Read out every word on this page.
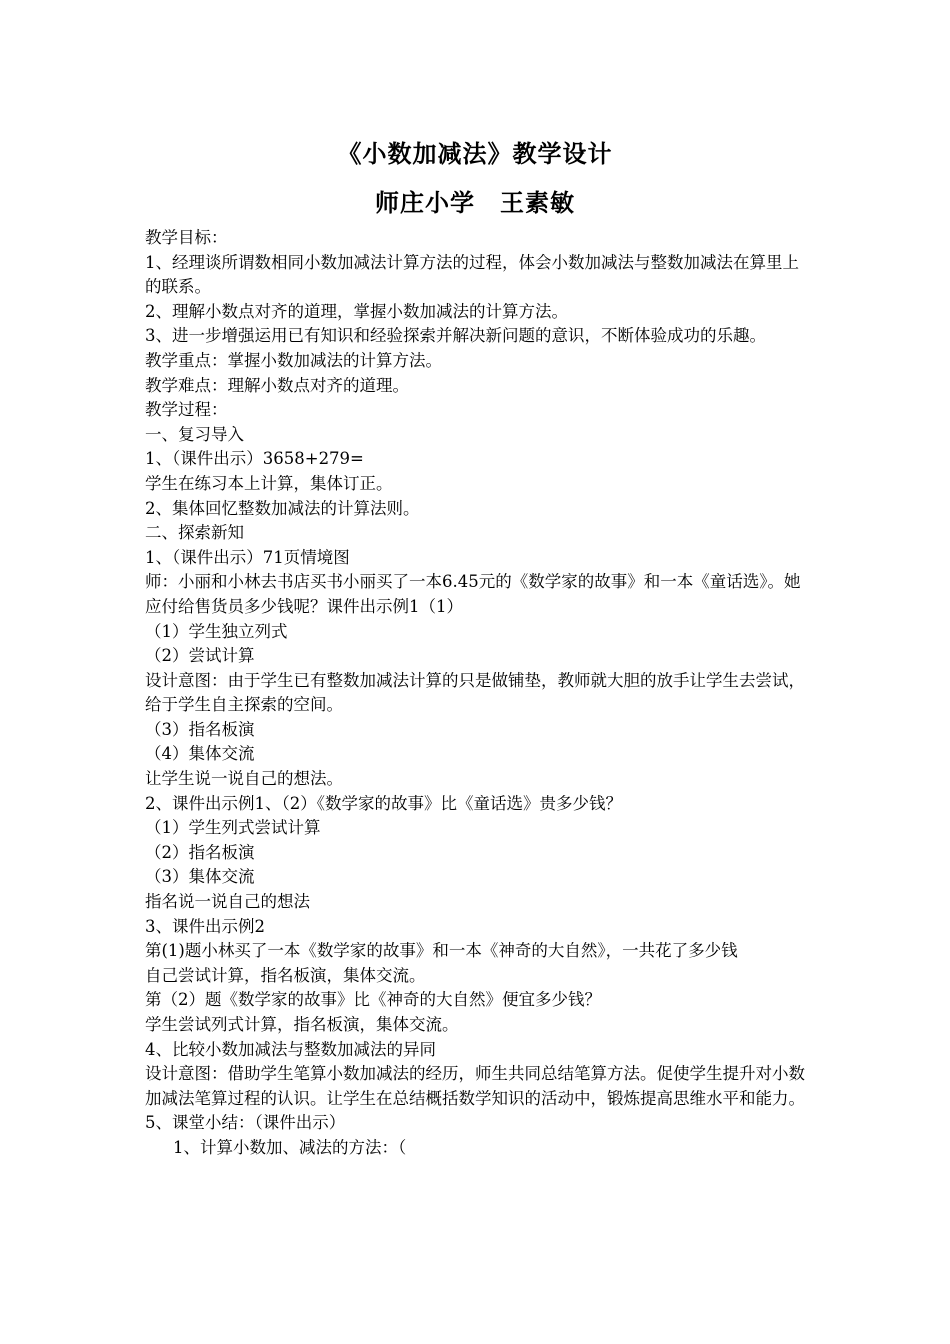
《小数加减法》教学设计
师庄小学　王素敏

教学目标：

1、经理谈所谓数相同小数加减法计算方法的过程，体会小数加减法与整数加减法在算里上的联系。

2、理解小数点对齐的道理，掌握小数加减法的计算方法。

3、进一步增强运用已有知识和经验探索并解决新问题的意识，不断体验成功的乐趣。

教学重点：掌握小数加减法的计算方法。

教学难点：理解小数点对齐的道理。

教学过程：

一、复习导入

1、（课件出示）3658+279=

学生在练习本上计算，集体订正。

2、集体回忆整数加减法的计算法则。

二、探索新知

1、（课件出示）71页情境图

师：小丽和小林去书店买书小丽买了一本6.45元的《数学家的故事》和一本《童话选》。她应付给售货员多少钱呢？课件出示例1（1）

（1）学生独立列式

（2）尝试计算

设计意图：由于学生已有整数加减法计算的只是做铺垫，教师就大胆的放手让学生去尝试，给于学生自主探索的空间。

（3）指名板演

（4）集体交流

让学生说一说自己的想法。

2、课件出示例1、（2）《数学家的故事》比《童话选》贵多少钱？

（1）学生列式尝试计算

（2）指名板演

（3）集体交流

指名说一说自己的想法

3、课件出示例2

第(1)题小林买了一本《数学家的故事》和一本《神奇的大自然》，一共花了多少钱

自己尝试计算，指名板演，集体交流。

第（2）题《数学家的故事》比《神奇的大自然》便宜多少钱？

学生尝试列式计算，指名板演，集体交流。

4、比较小数加减法与整数加减法的异同

设计意图：借助学生笔算小数加减法的经历，师生共同总结笔算方法。促使学生提升对小数加减法笔算过程的认识。让学生在总结概括数学知识的活动中，锻炼提高思维水平和能力。

5、课堂小结：（课件出示）

1、计算小数加、减法的方法：（
